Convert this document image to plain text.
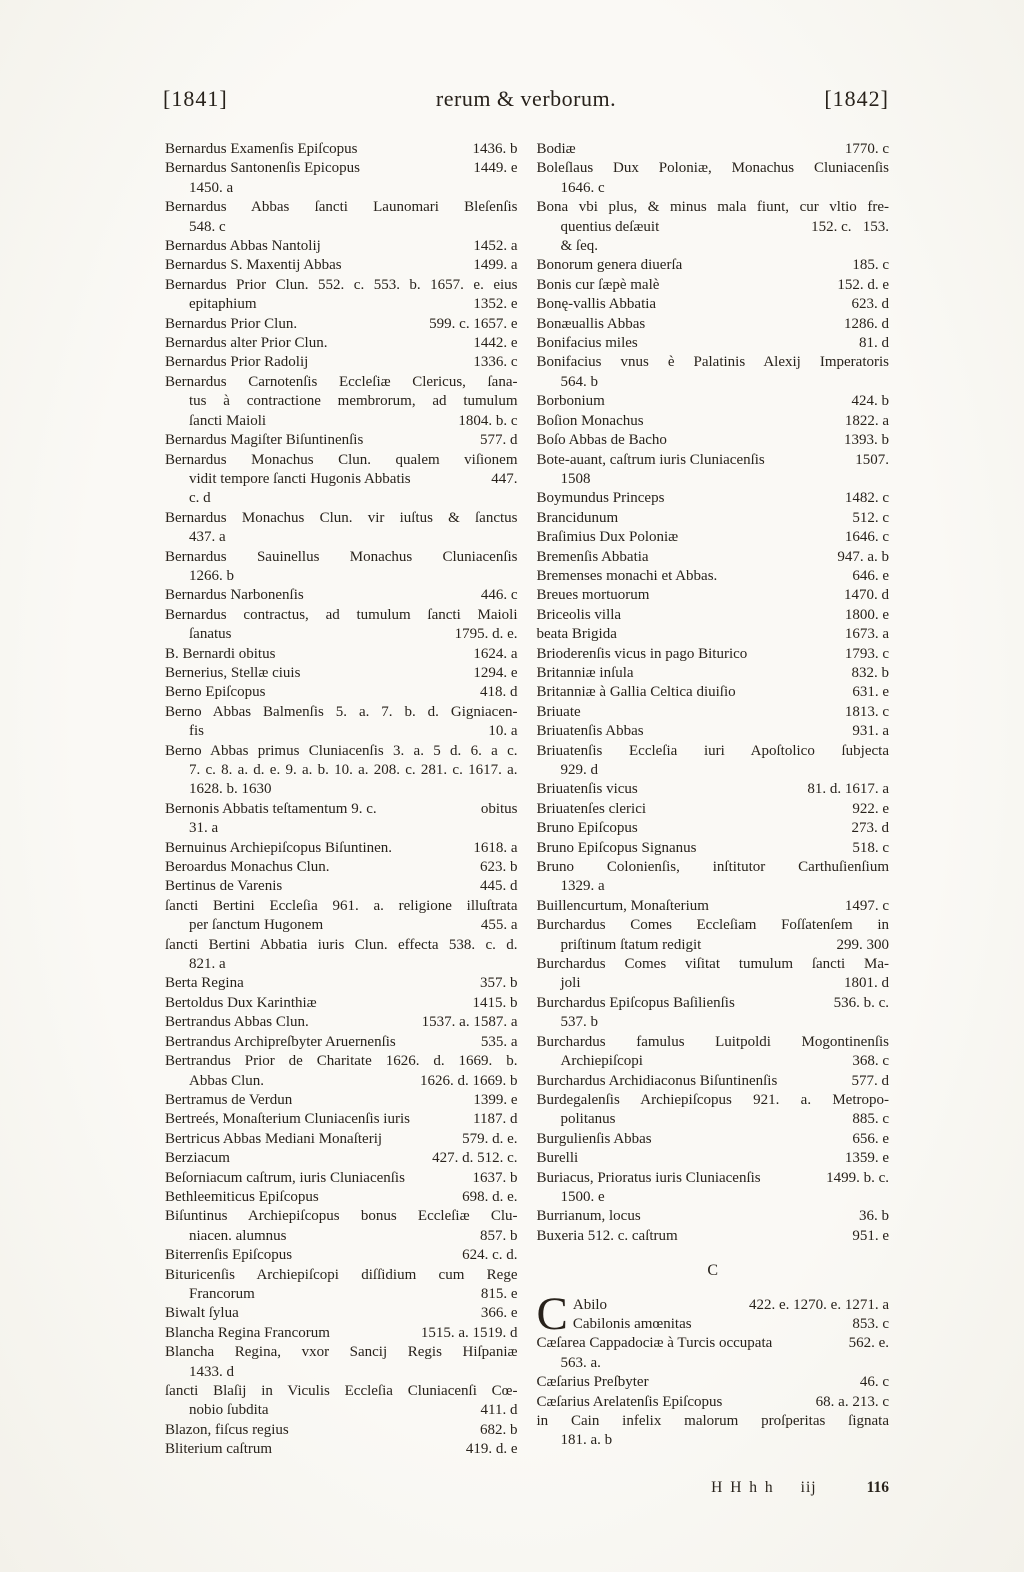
[1841]	rerum & verborum.	[1842]
Bernardus Examenſis Epiſcopus	1436. b
Bernardus Santonenſis Epicopus	1449. e
1450. a
Bernardus Abbas ſancti Launomari Bleſenſis
548. c
Bernardus Abbas Nantolij	1452. a
Bernardus S. Maxentij Abbas	1499. a
Bernardus Prior Clun. 552. c. 553. b. 1657. e. eius
epitaphium	1352. e
Bernardus Prior Clun.	599. c. 1657. e
Bernardus alter Prior Clun.	1442. e
Bernardus Prior Radolij	1336. c
Bernardus Carnotenſis Eccleſiæ Clericus, ſana-
tus à contractione membrorum, ad tumulum
ſancti Maioli	1804. b. c
Bernardus Magiſter Biſuntinenſis	577. d
Bernardus Monachus Clun. qualem viſionem
vidit tempore ſancti Hugonis Abbatis	447.
c. d
Bernardus Monachus Clun. vir iuſtus & ſanctus
437. a
Bernardus Sauinellus Monachus Cluniacenſis
1266. b
Bernardus Narbonenſis	446. c
Bernardus contractus, ad tumulum ſancti Maioli
ſanatus	1795. d. e.
B. Bernardi obitus	1624. a
Bernerius, Stellæ ciuis	1294. e
Berno Epiſcopus	418. d
Berno Abbas Balmenſis 5. a. 7. b. d. Gigniacen-
fis	10. a
Berno Abbas primus Cluniacenſis 3. a. 5 d. 6. a c.
7. c. 8. a. d. e. 9. a. b. 10. a. 208. c. 281. c. 1617. a.
1628. b. 1630
Bernonis Abbatis teſtamentum 9. c.	obitus
31. a
Bernuinus Archiepiſcopus Biſuntinen.	1618. a
Beroardus Monachus Clun.	623. b
Bertinus de Varenis	445. d
ſancti Bertini Eccleſia 961. a. religione illuſtrata
per ſanctum Hugonem	455. a
ſancti Bertini Abbatia iuris Clun. effecta 538. c. d.
821. a
Berta Regina	357. b
Bertoldus Dux Karinthiæ	1415. b
Bertrandus Abbas Clun.	1537. a. 1587. a
Bertrandus Archipreſbyter Aruernenſis	535. a
Bertrandus Prior de Charitate 1626. d. 1669. b.
Abbas Clun.	1626. d. 1669. b
Bertramus de Verdun	1399. e
Bertreés, Monaſterium Cluniacenſis iuris	1187. d
Bertricus Abbas Mediani Monaſterij	579. d. e.
Berziacum	427. d. 512. c.
Beſorniacum caſtrum, iuris Cluniacenſis	1637. b
Bethleemiticus Epiſcopus	698. d. e.
Biſuntinus Archiepiſcopus bonus Eccleſiæ Clu-
niacen. alumnus	857. b
Biterrenſis Epiſcopus	624. c. d.
Bituricenſis Archiepiſcopi diſſidium cum Rege
Francorum	815. e
Biwalt ſylua	366. e
Blancha Regina Francorum	1515. a. 1519. d
Blancha Regina, vxor Sancij Regis Hiſpaniæ
1433. d
ſancti Blaſij in Viculis Eccleſia Cluniacenſi Cœ-
nobio ſubdita	411. d
Blazon, fiſcus regius	682. b
Bliterium caſtrum	419. d. e
Bodiæ	1770. c
Boleſlaus Dux Poloniæ, Monachus Cluniacenſis
1646. c
Bona vbi plus, & minus mala fiunt, cur vltio fre-
quentius deſæuit	152. c.   153.
& ſeq.
Bonorum genera diuerſa	185. c
Bonis cur ſæpè malè	152. d. e
Bonę-vallis Abbatia	623. d
Bonæuallis Abbas	1286. d
Bonifacius miles	81. d
Bonifacius vnus è Palatinis Alexij Imperatoris
564. b
Borbonium	424. b
Boſion Monachus	1822. a
Boſo Abbas de Bacho	1393. b
Bote-auant, caſtrum iuris Cluniacenſis	1507.
1508
Boymundus Princeps	1482. c
Brancidunum	512. c
Braſimius Dux Poloniæ	1646. c
Bremenſis Abbatia	947. a. b
Bremenses monachi et Abbas.	646. e
Breues mortuorum	1470. d
Briceolis villa	1800. e
beata Brigida	1673. a
Brioderenſis vicus in pago Biturico	1793. c
Britanniæ inſula	832. b
Britanniæ à Gallia Celtica diuiſio	631. e
Briuate	1813. c
Briuatenſis Abbas	931. a
Briuatenſis Eccleſia iuri Apoſtolico ſubjecta
929. d
Briuatenſis vicus	81. d. 1617. a
Briuatenſes clerici	922. e
Bruno Epiſcopus	273. d
Bruno Epiſcopus Signanus	518. c
Bruno Colonienſis, inſtitutor Carthuſienſium
1329. a
Buillencurtum, Monaſterium	1497. c
Burchardus Comes Eccleſiam Foſſatenſem in
priſtinum ſtatum redigit	299. 300
Burchardus Comes viſitat tumulum ſancti Ma-
joli	1801. d
Burchardus Epiſcopus Baſilienſis	536. b. c.
537. b
Burchardus famulus Luitpoldi Mogontinenſis
Archiepiſcopi	368. c
Burchardus Archidiaconus Biſuntinenſis	577. d
Burdegalenſis Archiepiſcopus 921. a. Metropo-
politanus	885. c
Burgulienſis Abbas	656. e
Burelli	1359. e
Buriacus, Prioratus iuris Cluniacenſis	1499. b. c.
1500. e
Burrianum, locus	36. b
Buxeria 512. c. caſtrum	951. e
C
C Abilo	422. e. 1270. e. 1271. a
Cabilonis amœnitas	853. c
Cæſarea Cappadociæ à Turcis occupata	562. e.
563. a.
Cæſarius Preſbyter	46. c
Cæſarius Arelatenſis Epiſcopus	68. a. 213. c
in Cain infelix malorum proſperitas ſignata
181. a. b
H H h h iij	116
